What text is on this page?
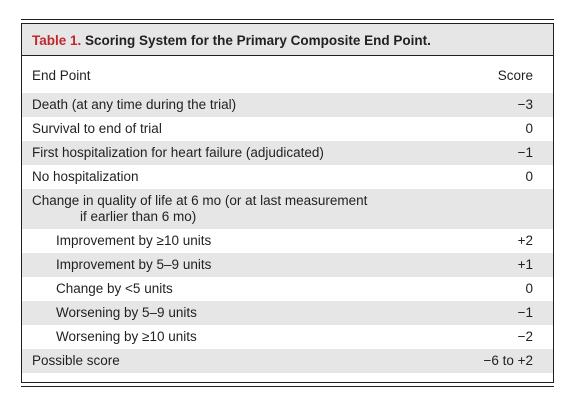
Table 1. Scoring System for the Primary Composite End Point.
End Point	Score
Death (at any time during the trial)	−3
Survival to end of trial	0
First hospitalization for heart failure (adjudicated)	−1
No hospitalization	0
Change in quality of life at 6 mo (or at last measurement
if earlier than 6 mo)
Improvement by ≥10 units	+2
Improvement by 5–9 units	+1
Change by <5 units	0
Worsening by 5–9 units	−1
Worsening by ≥10 units	−2
Possible score	−6 to +2
